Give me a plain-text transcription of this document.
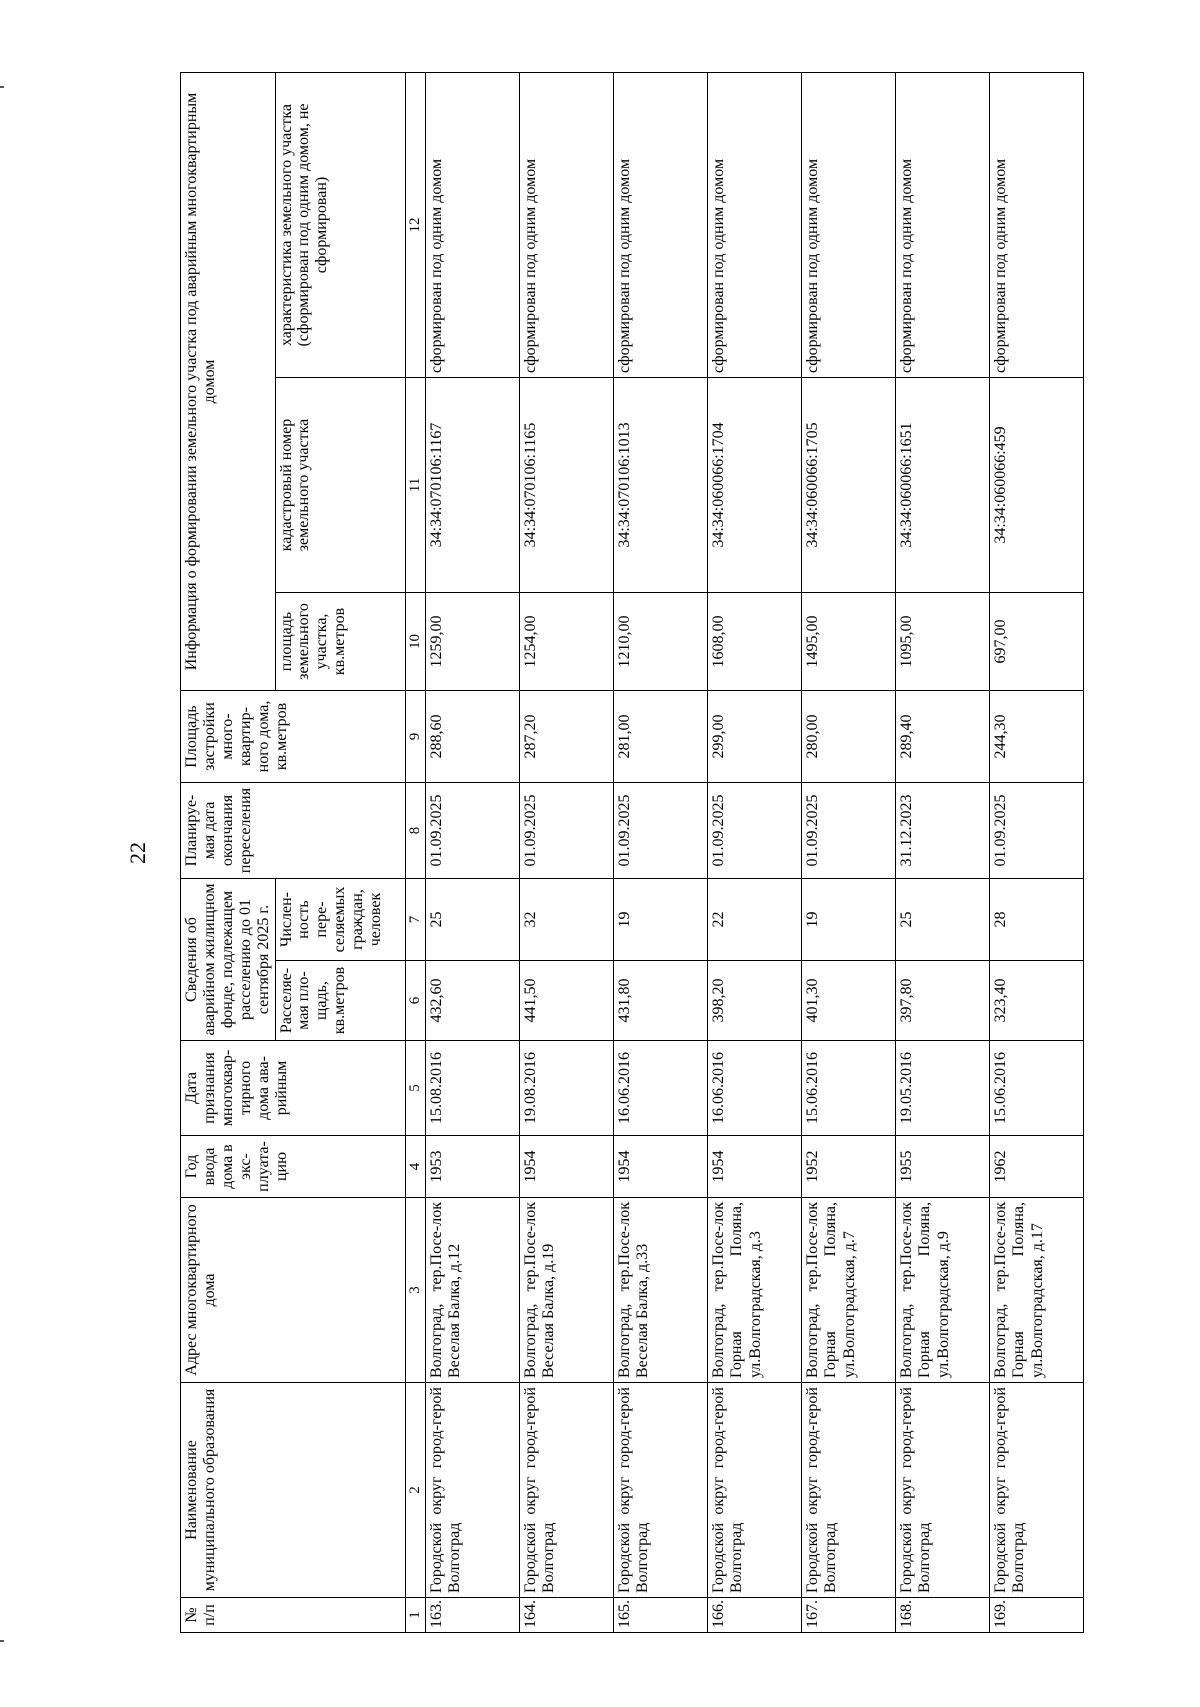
22
№ п/п	Наименование муниципального образования	Адрес многоквартирного дома	Год ввода дома в экс-плуата-цию	Дата признания многоквар-тирного дома ава-рийным	Сведения об аварийном жилищном фонде, подлежащем расселению до 01 сентября 2025 г.		Планируе-мая дата окончания переселения	Площадь застройки много-квартир-ного дома, кв.метров	Информация о формировании земельного участка под аварийным многоквартирным домом		
					Расселяе-мая пло-щадь, кв.метров	Числен-ность пере-селяемых граждан, человек			площадь земельного участка, кв.метров	кадастровый номер земельного участка	характеристика земельного участка (сформирован под одним домом, не сформирован)
1	2	3	4	5	6	7	8	9	10	11	12
163.	Городской округ город-герой Волгоград	Волгоград, тер.Посе-лок Веселая Балка, д.12	1953	15.08.2016	432,60	25	01.09.2025	288,60	1259,00	34:34:070106:1167	сформирован под одним домом
164.	Городской округ город-герой Волгоград	Волгоград, тер.Посе-лок Веселая Балка, д.19	1954	19.08.2016	441,50	32	01.09.2025	287,20	1254,00	34:34:070106:1165	сформирован под одним домом
165.	Городской округ город-герой Волгоград	Волгоград, тер.Посе-лок Веселая Балка, д.33	1954	16.06.2016	431,80	19	01.09.2025	281,00	1210,00	34:34:070106:1013	сформирован под одним домом
166.	Городской округ город-герой Волгоград	Волгоград, тер.Посе-лок Горная Поляна, ул.Волгоградская, д.3	1954	16.06.2016	398,20	22	01.09.2025	299,00	1608,00	34:34:060066:1704	сформирован под одним домом
167.	Городской округ город-герой Волгоград	Волгоград, тер.Посе-лок Горная Поляна, ул.Волгоградская, д.7	1952	15.06.2016	401,30	19	01.09.2025	280,00	1495,00	34:34:060066:1705	сформирован под одним домом
168.	Городской округ город-герой Волгоград	Волгоград, тер.Посе-лок Горная Поляна, ул.Волгоградская, д.9	1955	19.05.2016	397,80	25	31.12.2023	289,40	1095,00	34:34:060066:1651	сформирован под одним домом
169.	Городской округ город-герой Волгоград	Волгоград, тер.Посе-лок Горная Поляна, ул.Волгоградская, д.17	1962	15.06.2016	323,40	28	01.09.2025	244,30	697,00	34:34:060066:459	сформирован под одним домом
